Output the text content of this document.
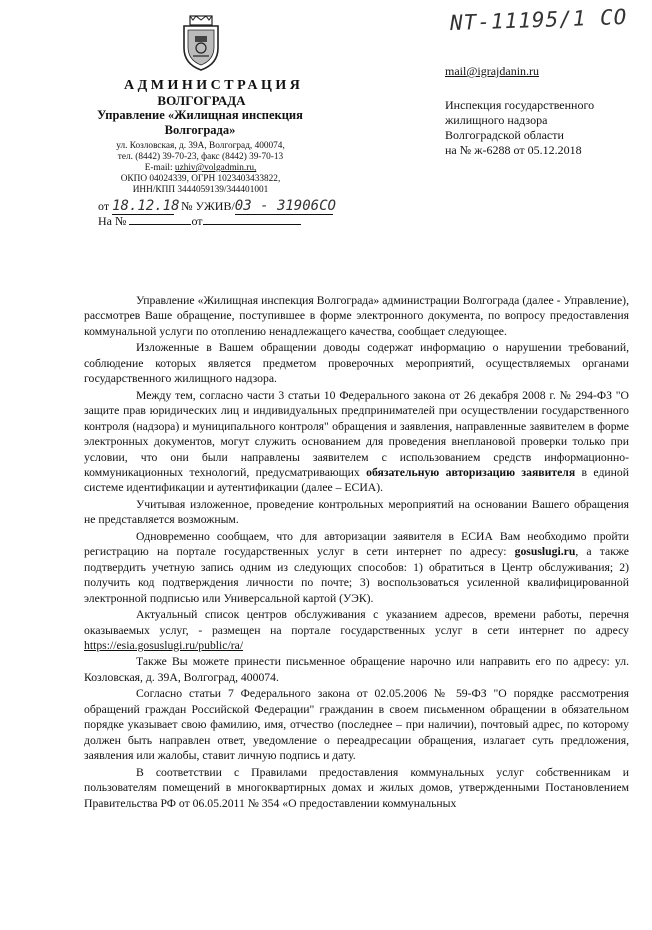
NT-11195/1 СО
АДМИНИСТРАЦИЯ
ВОЛГОГРАДА
Управление «Жилищная инспекция
Волгограда»
ул. Козловская, д. 39А, Волгоград, 400074,
тел. (8442) 39-70-23, факс (8442) 39-70-13
E-mail: uzhiv@volgadmin.ru,
ОКПО 04024339, ОГРН 1023403433822,
ИНН/КПП 3444059139/344401001
от 18.12.18 № УЖИВ/03 - 31906СО
На №	от
mail@igrajdanin.ru
Инспекция государственного
жилищного надзора
Волгоградской области
на № ж-6288 от 05.12.2018

Управление «Жилищная инспекция Волгограда» администрации Волгограда (далее - Управление), рассмотрев Ваше обращение, поступившее в форме электронного документа, по вопросу предоставления коммунальной услуги по отоплению ненадлежащего качества, сообщает следующее.

Изложенные в Вашем обращении доводы содержат информацию о нарушении требований, соблюдение которых является предметом проверочных мероприятий, осуществляемых органами государственного жилищного надзора.

Между тем, согласно части 3 статьи 10 Федерального закона от 26 декабря 2008 г. № 294-ФЗ "О защите прав юридических лиц и индивидуальных предпринимателей при осуществлении государственного контроля (надзора) и муниципального контроля" обращения и заявления, направленные заявителем в форме электронных документов, могут служить основанием для проведения внеплановой проверки только при условии, что они были направлены заявителем с использованием средств информационно-коммуникационных технологий, предусматривающих обязательную авторизацию заявителя в единой системе идентификации и аутентификации (далее – ЕСИА).

Учитывая изложенное, проведение контрольных мероприятий на основании Вашего обращения не представляется возможным.

Одновременно сообщаем, что для авторизации заявителя в ЕСИА Вам необходимо пройти регистрацию на портале государственных услуг в сети интернет по адресу: gosuslugi.ru, а также подтвердить учетную запись одним из следующих способов: 1) обратиться в Центр обслуживания; 2) получить код подтверждения личности по почте; 3) воспользоваться усиленной квалифицированной электронной подписью или Универсальной картой (УЭК).

Актуальный список центров обслуживания с указанием адресов, времени работы, перечня оказываемых услуг, - размещен на портале государственных услуг в сети интернет по адресу https://esia.gosuslugi.ru/public/ra/

Также Вы можете принести письменное обращение нарочно или направить его по адресу: ул. Козловская, д. 39А, Волгоград, 400074.

Согласно статьи 7 Федерального закона от 02.05.2006 № 59-ФЗ "О порядке рассмотрения обращений граждан Российской Федерации" гражданин в своем письменном обращении в обязательном порядке указывает свою фамилию, имя, отчество (последнее – при наличии), почтовый адрес, по которому должен быть направлен ответ, уведомление о переадресации обращения, излагает суть предложения, заявления или жалобы, ставит личную подпись и дату.

В соответствии с Правилами предоставления коммунальных услуг собственникам и пользователям помещений в многоквартирных домах и жилых домов, утвержденными Постановлением Правительства РФ от 06.05.2011 № 354 «О предоставлении коммунальных
